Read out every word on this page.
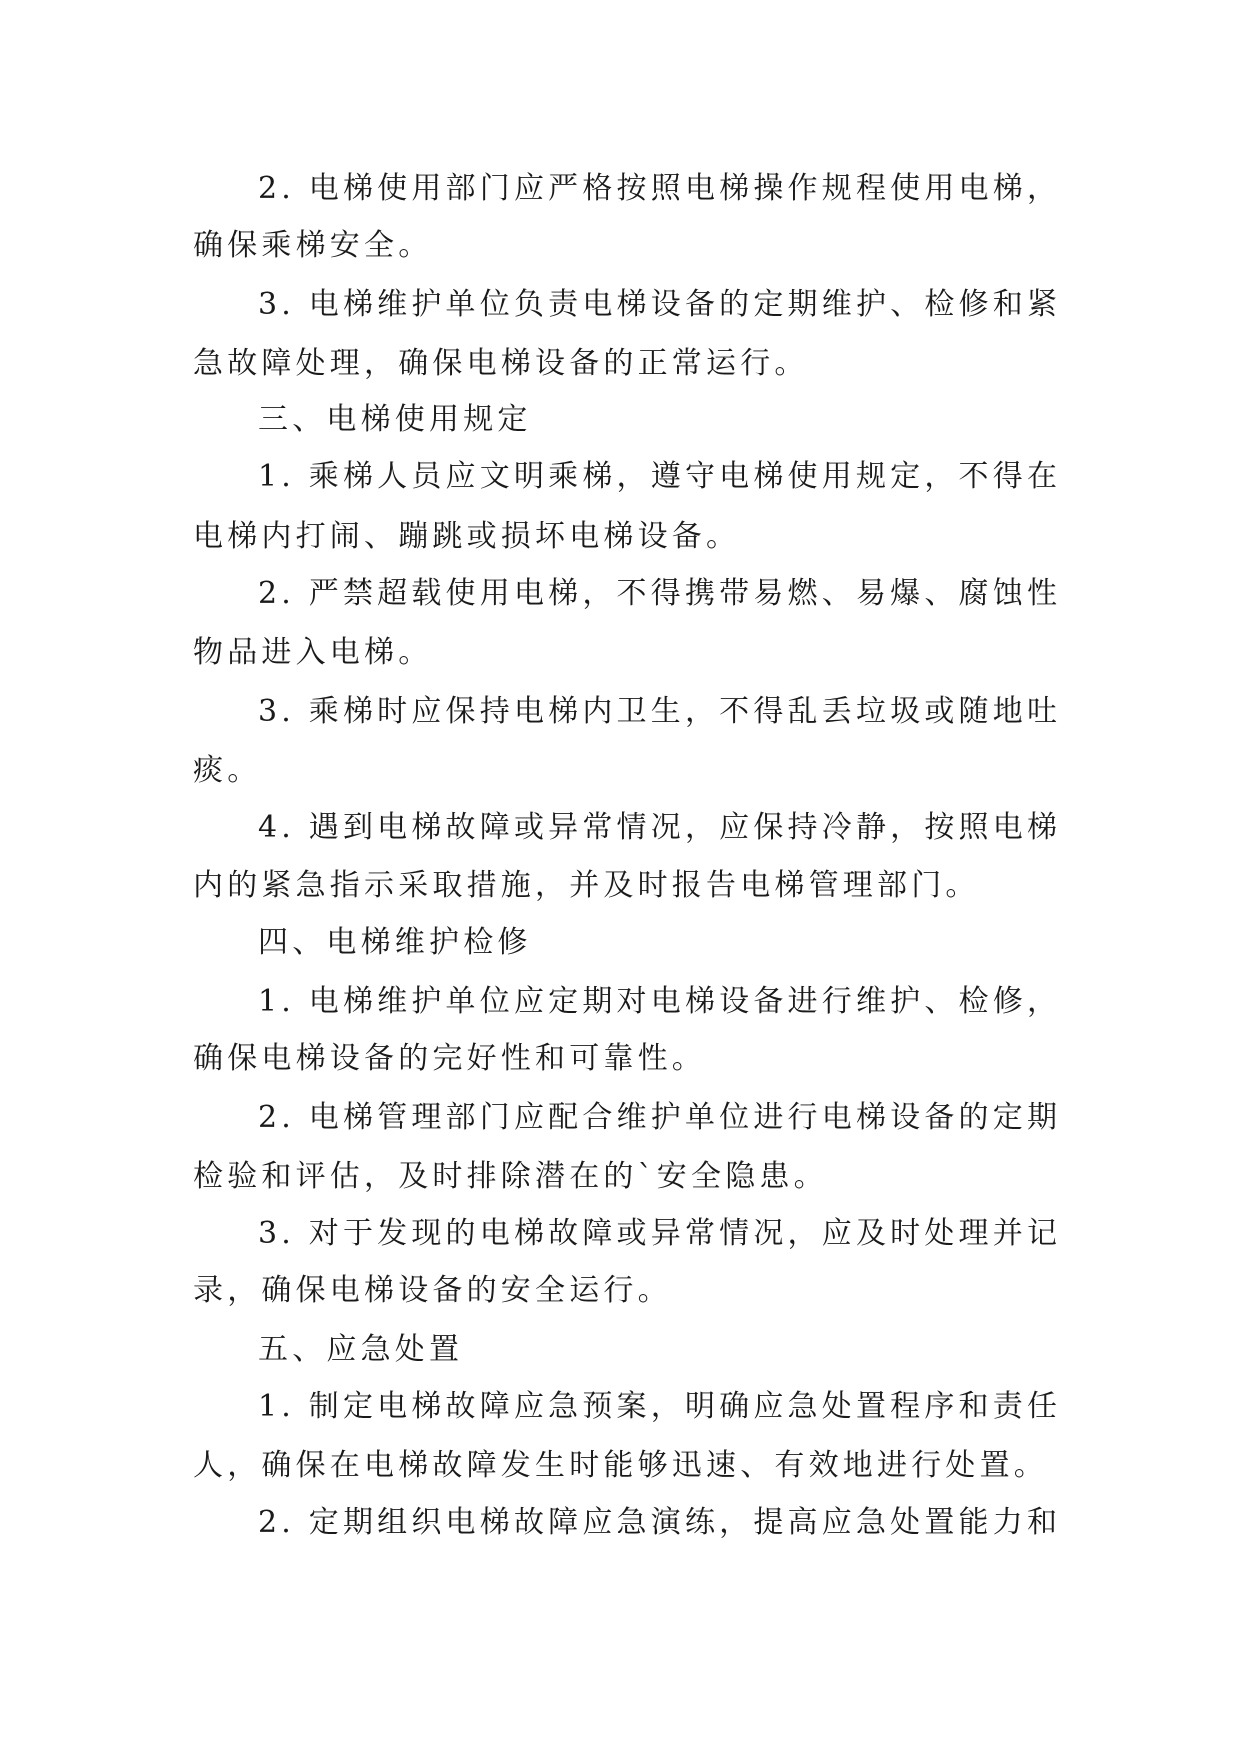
2. 电梯使用部门应严格按照电梯操作规程使用电梯，

确保乘梯安全。

3. 电梯维护单位负责电梯设备的定期维护、检修和紧

急故障处理，确保电梯设备的正常运行。

三、电梯使用规定

1. 乘梯人员应文明乘梯，遵守电梯使用规定，不得在

电梯内打闹、蹦跳或损坏电梯设备。

2. 严禁超载使用电梯，不得携带易燃、易爆、腐蚀性

物品进入电梯。

3. 乘梯时应保持电梯内卫生，不得乱丢垃圾或随地吐

痰。

4. 遇到电梯故障或异常情况，应保持冷静，按照电梯

内的紧急指示采取措施，并及时报告电梯管理部门。

四、电梯维护检修

1. 电梯维护单位应定期对电梯设备进行维护、检修，

确保电梯设备的完好性和可靠性。

2. 电梯管理部门应配合维护单位进行电梯设备的定期

检验和评估，及时排除潜在的`安全隐患。

3. 对于发现的电梯故障或异常情况，应及时处理并记

录，确保电梯设备的安全运行。

五、应急处置

1. 制定电梯故障应急预案，明确应急处置程序和责任

人，确保在电梯故障发生时能够迅速、有效地进行处置。

2. 定期组织电梯故障应急演练，提高应急处置能力和
